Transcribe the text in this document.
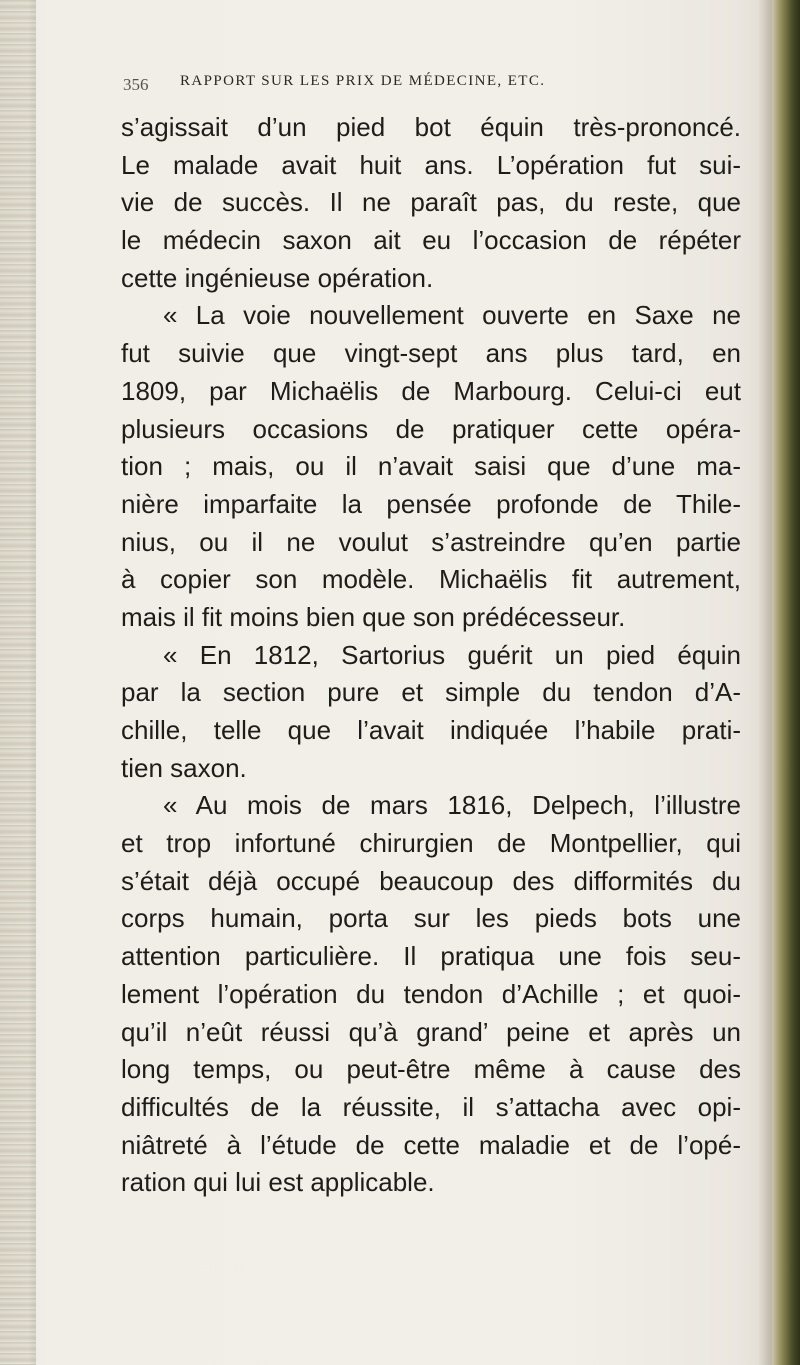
356 RAPPORT SUR LES PRIX DE MÉDECINE, ETC.
s’agissait d’un pied bot équin très-prononcé.
Le malade avait huit ans. L’opération fut sui-
vie de succès. Il ne paraît pas, du reste, que
le médecin saxon ait eu l’occasion de répéter
cette ingénieuse opération.
« La voie nouvellement ouverte en Saxe ne
fut suivie que vingt-sept ans plus tard, en
1809, par Michaëlis de Marbourg. Celui-ci eut
plusieurs occasions de pratiquer cette opéra-
tion ; mais, ou il n’avait saisi que d’une ma-
nière imparfaite la pensée profonde de Thile-
nius, ou il ne voulut s’astreindre qu’en partie
à copier son modèle. Michaëlis fit autrement,
mais il fit moins bien que son prédécesseur.
« En 1812, Sartorius guérit un pied équin
par la section pure et simple du tendon d’A-
chille, telle que l’avait indiquée l’habile prati-
tien saxon.
« Au mois de mars 1816, Delpech, l’illustre
et trop infortuné chirurgien de Montpellier, qui
s’était déjà occupé beaucoup des difformités du
corps humain, porta sur les pieds bots une
attention particulière. Il pratiqua une fois seu-
lement l’opération du tendon d’Achille ; et quoi-
qu’il n’eût réussi qu’à grand’ peine et après un
long temps, ou peut-être même à cause des
difficultés de la réussite, il s’attacha avec opi-
niâtreté à l’étude de cette maladie et de l’opé-
ration qui lui est applicable.
